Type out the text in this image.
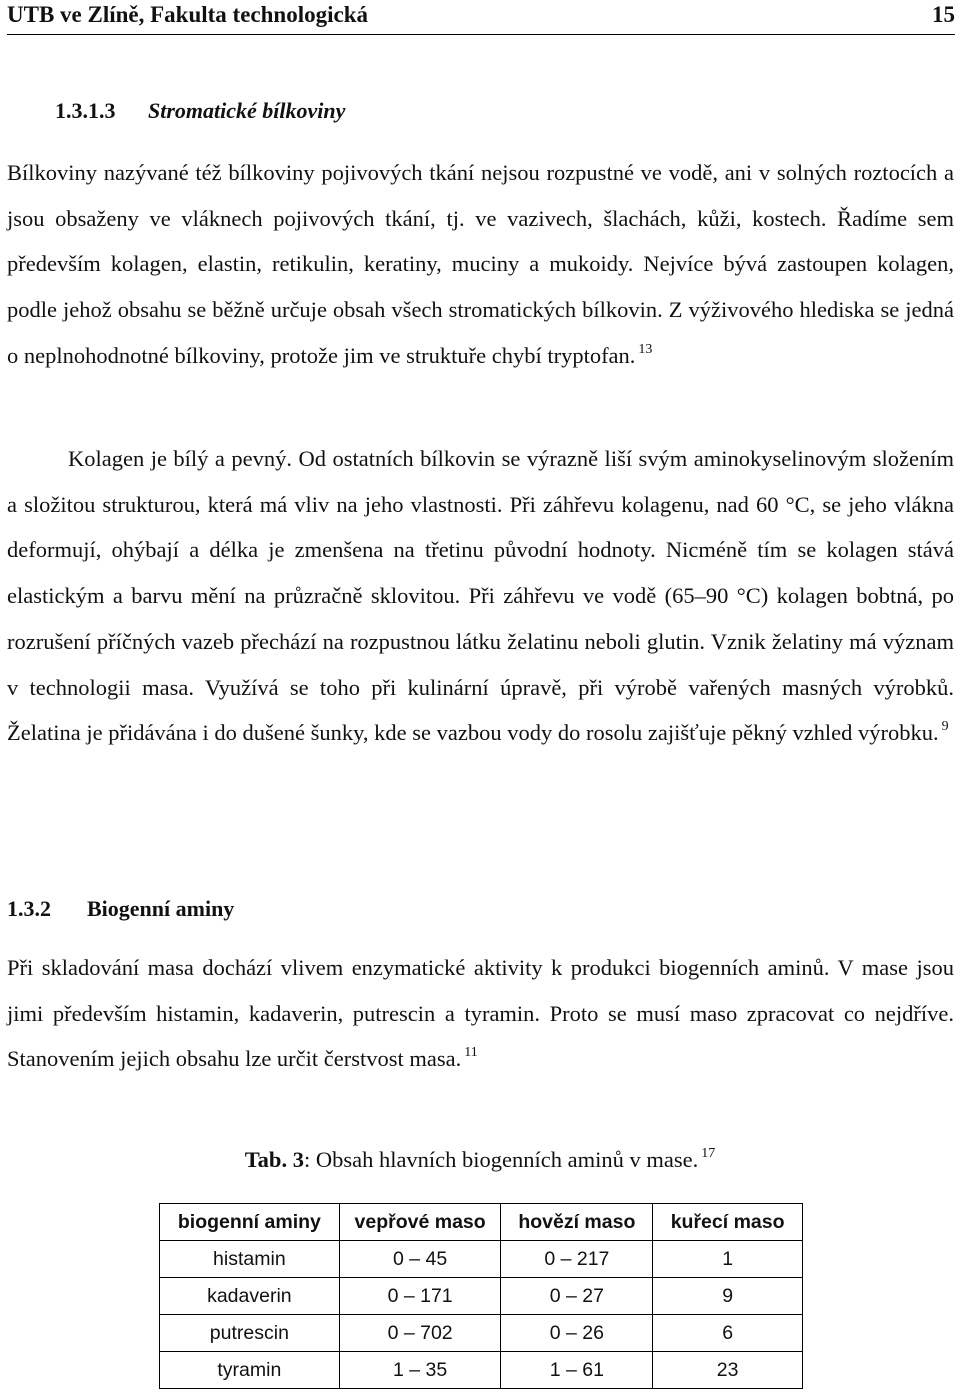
UTB ve Zlíně, Fakulta technologická	15
1.3.1.3 Stromatické bílkoviny
Bílkoviny nazývané též bílkoviny pojivových tkání nejsou rozpustné ve vodě, ani v solných roztocích a jsou obsaženy ve vláknech pojivových tkání, tj. ve vazivech, šlachách, kůži, kostech. Řadíme sem především kolagen, elastin, retikulin, keratiny, muciny a mukoidy. Nejvíce bývá zastoupen kolagen, podle jehož obsahu se běžně určuje obsah všech stromatických bílkovin. Z výživového hlediska se jedná o neplnohodnotné bílkoviny, protože jim ve struktuře chybí tryptofan. $^{13}$
Kolagen je bílý a pevný. Od ostatních bílkovin se výrazně liší svým aminokyselinovým složením a složitou strukturou, která má vliv na jeho vlastnosti. Při záhřevu kolagenu, nad 60 °C, se jeho vlákna deformují, ohýbají a délka je zmenšena na třetinu původní hodnoty. Nicméně tím se kolagen stává elastickým a barvu mění na průzračně sklovitou. Při záhřevu ve vodě (65–90 °C) kolagen bobtná, po rozrušení příčných vazeb přechází na rozpustnou látku želatinu neboli glutin. Vznik želatiny má význam v technologii masa. Využívá se toho při kulinární úpravě, při výrobě vařených masných výrobků. Želatina je přidávána i do dušené šunky, kde se vazbou vody do rosolu zajišťuje pěkný vzhled výrobku. $^9$
1.3.2 Biogenní aminy
Při skladování masa dochází vlivem enzymatické aktivity k produkci biogenních aminů. V mase jsou jimi především histamin, kadaverin, putrescin a tyramin. Proto se musí maso zpracovat co nejdříve. Stanovením jejich obsahu lze určit čerstvost masa. $^{11}$
Tab. 3: Obsah hlavních biogenních aminů v mase. $^{17}$
biogenní aminy	vepřové maso	hovězí maso	kuřecí maso
histamin	0 – 45	0 – 217	1
kadaverin	0 – 171	0 – 27	9
putrescin	0 – 702	0 – 26	6
tyramin	1 – 35	1 – 61	23
